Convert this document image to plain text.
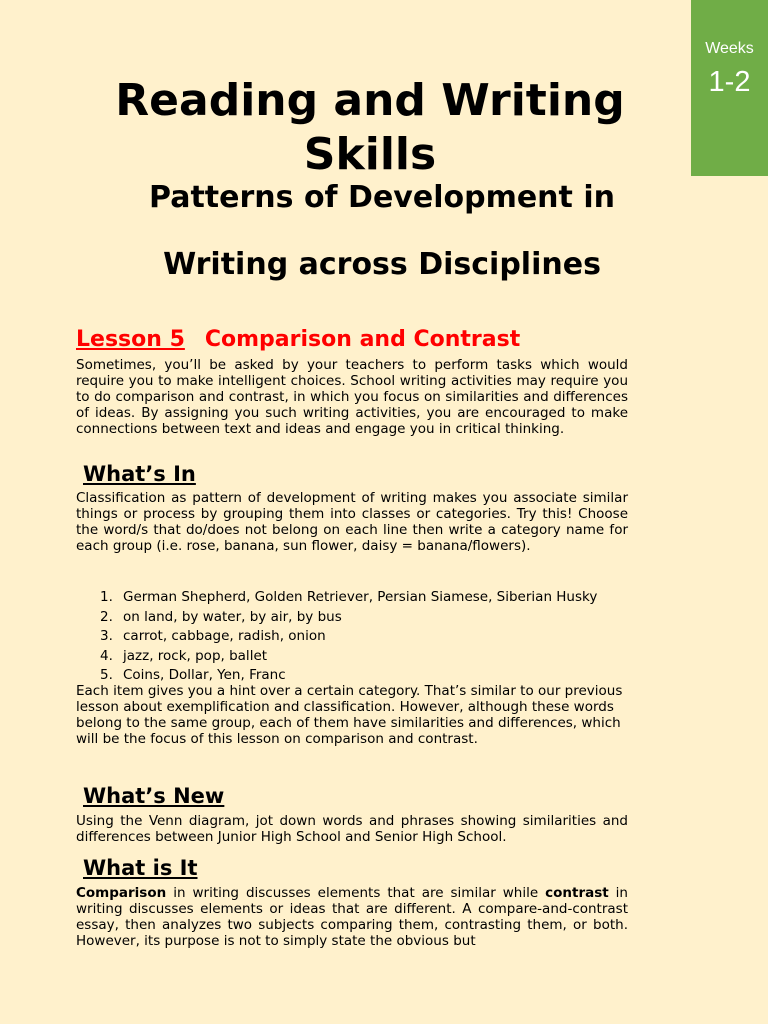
Weeks
1-2
Reading and Writing Skills
Patterns of Development in
Writing across Disciplines
Lesson 5 Comparison and Contrast

Sometimes, you’ll be asked by your teachers to perform tasks which would require you to make intelligent choices. School writing activities may require you to do comparison and contrast, in which you focus on similarities and differences of ideas. By assigning you such writing activities, you are encouraged to make connections between text and ideas and engage you in critical thinking.

What’s In

Classification as pattern of development of writing makes you associate similar things or process by grouping them into classes or categories. Try this! Choose the word/s that do/does not belong on each line then write a category name for each group (i.e. rose, banana, sun flower, daisy = banana/flowers).

1. German Shepherd, Golden Retriever, Persian Siamese, Siberian Husky
2. on land, by water, by air, by bus
3. carrot, cabbage, radish, onion
4. jazz, rock, pop, ballet
5. Coins, Dollar, Yen, Franc

Each item gives you a hint over a certain category. That’s similar to our previous lesson about exemplification and classification. However, although these words belong to the same group, each of them have similarities and differences, which will be the focus of this lesson on comparison and contrast.

What’s New

Using the Venn diagram, jot down words and phrases showing similarities and differences between Junior High School and Senior High School.

What is It

Comparison in writing discusses elements that are similar while contrast in writing discusses elements or ideas that are different. A compare-and-contrast essay, then analyzes two subjects comparing them, contrasting them, or both. However, its purpose is not to simply state the obvious but
